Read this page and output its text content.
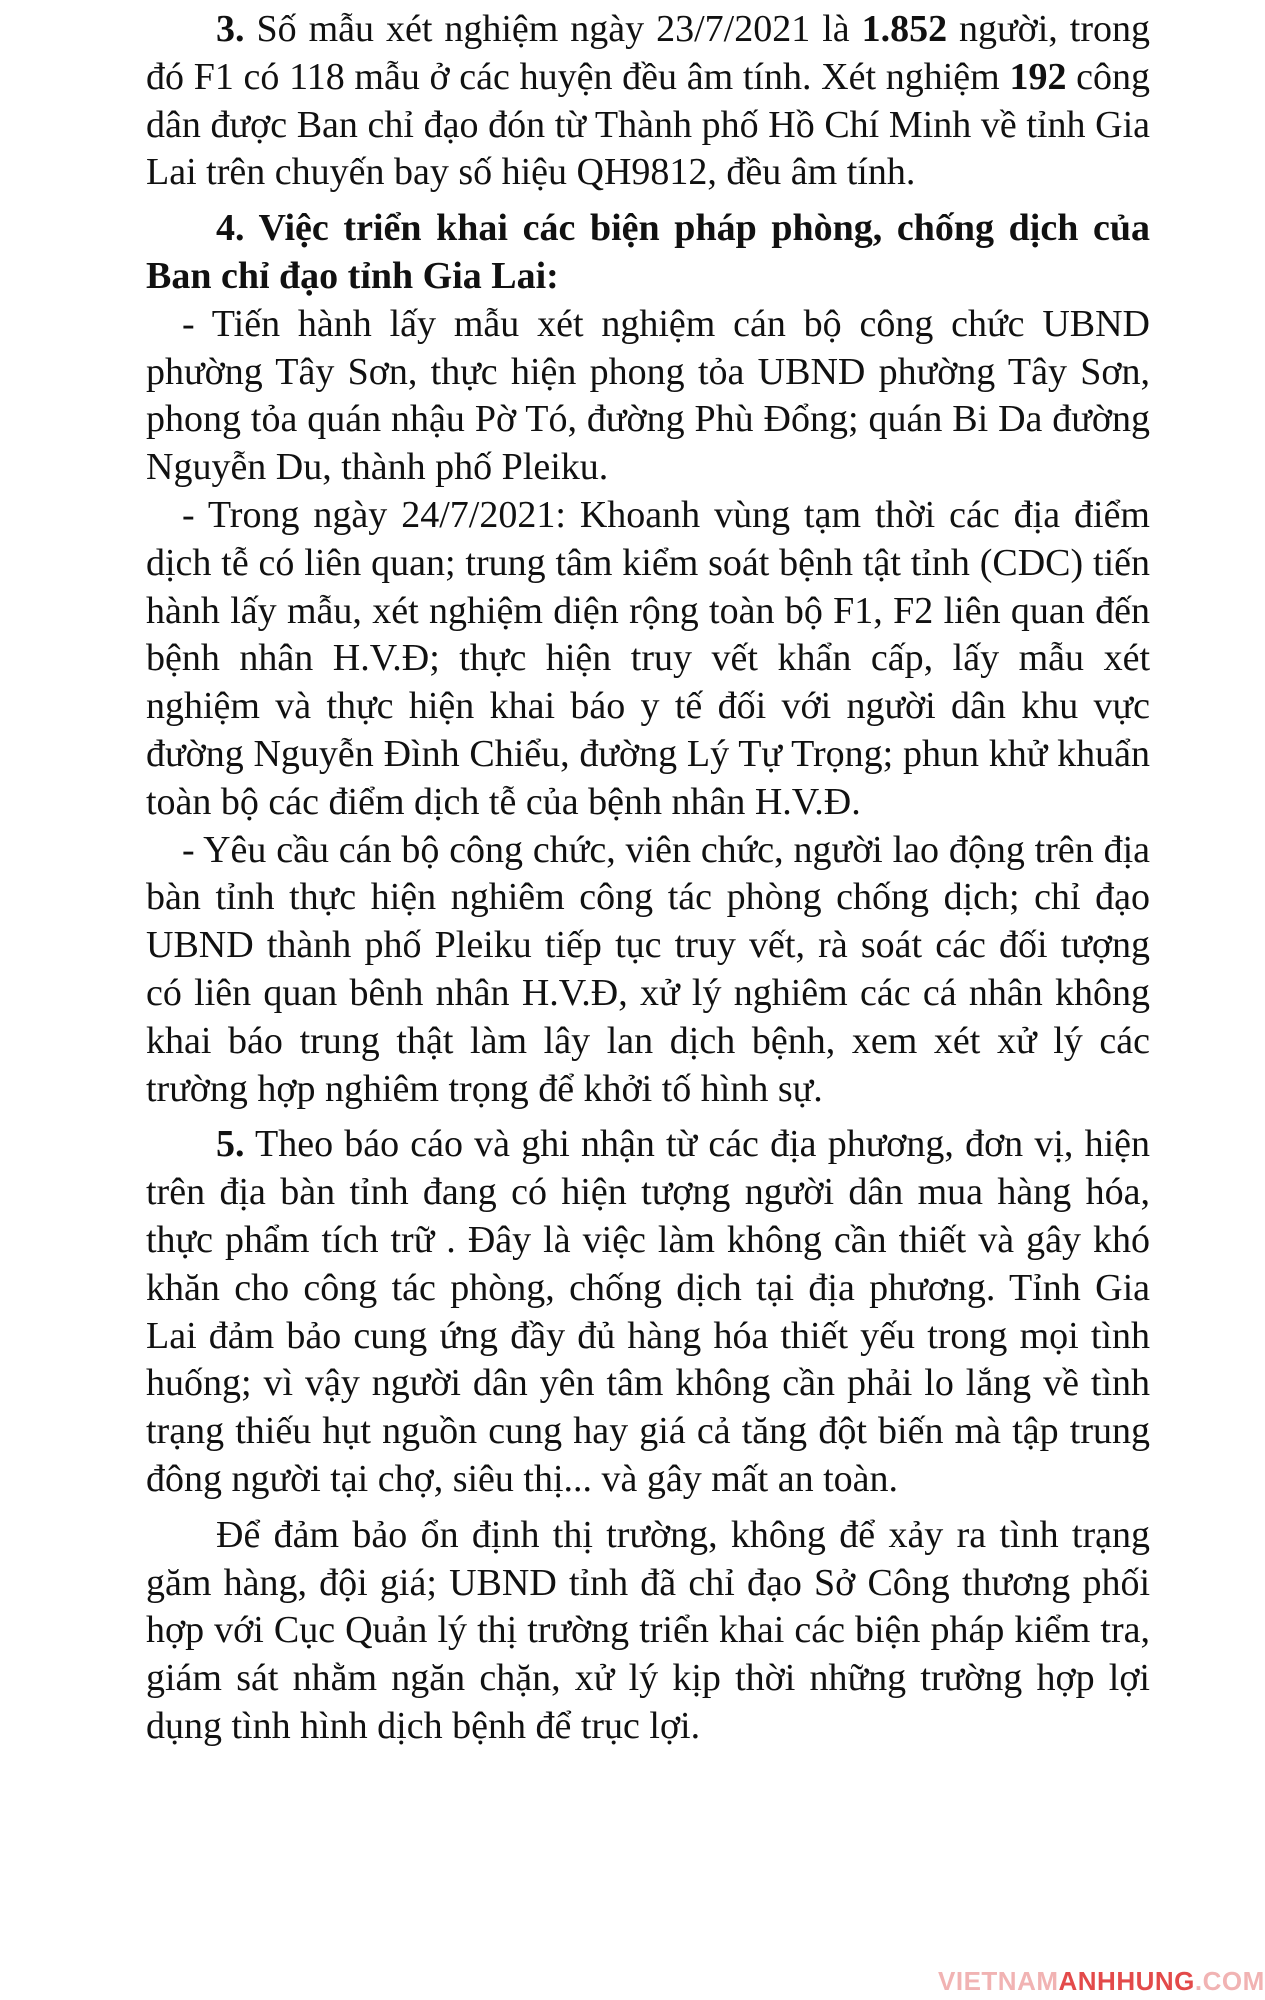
3. Số mẫu xét nghiệm ngày 23/7/2021 là 1.852 người, trong đó F1 có 118 mẫu ở các huyện đều âm tính. Xét nghiệm 192 công dân được Ban chỉ đạo đón từ Thành phố Hồ Chí Minh về tỉnh Gia Lai trên chuyến bay số hiệu QH9812, đều âm tính.

4. Việc triển khai các biện pháp phòng, chống dịch của Ban chỉ đạo tỉnh Gia Lai:

- Tiến hành lấy mẫu xét nghiệm cán bộ công chức UBND phường Tây Sơn, thực hiện phong tỏa UBND phường Tây Sơn, phong tỏa quán nhậu Pờ Tó, đường Phù Đổng; quán Bi Da đường Nguyễn Du, thành phố Pleiku.

- Trong ngày 24/7/2021: Khoanh vùng tạm thời các địa điểm dịch tễ có liên quan; trung tâm kiểm soát bệnh tật tỉnh (CDC) tiến hành lấy mẫu, xét nghiệm diện rộng toàn bộ F1, F2 liên quan đến bệnh nhân H.V.Đ; thực hiện truy vết khẩn cấp, lấy mẫu xét nghiệm và thực hiện khai báo y tế đối với người dân khu vực đường Nguyễn Đình Chiểu, đường Lý Tự Trọng; phun khử khuẩn toàn bộ các điểm dịch tễ của bệnh nhân H.V.Đ.

- Yêu cầu cán bộ công chức, viên chức, người lao động trên địa bàn tỉnh thực hiện nghiêm công tác phòng chống dịch; chỉ đạo UBND thành phố Pleiku tiếp tục truy vết, rà soát các đối tượng có liên quan bênh nhân H.V.Đ, xử lý nghiêm các cá nhân không khai báo trung thật làm lây lan dịch bệnh, xem xét xử lý các trường hợp nghiêm trọng để khởi tố hình sự.

5. Theo báo cáo và ghi nhận từ các địa phương, đơn vị, hiện trên địa bàn tỉnh đang có hiện tượng người dân mua hàng hóa, thực phẩm tích trữ . Đây là việc làm không cần thiết và gây khó khăn cho công tác phòng, chống dịch tại địa phương. Tỉnh Gia Lai đảm bảo cung ứng đầy đủ hàng hóa thiết yếu trong mọi tình huống; vì vậy người dân yên tâm không cần phải lo lắng về tình trạng thiếu hụt nguồn cung hay giá cả tăng đột biến mà tập trung đông người tại chợ, siêu thị... và gây mất an toàn.

Để đảm bảo ổn định thị trường, không để xảy ra tình trạng găm hàng, đội giá; UBND tỉnh đã chỉ đạo Sở Công thương phối hợp với Cục Quản lý thị trường triển khai các biện pháp kiểm tra, giám sát nhằm ngăn chặn, xử lý kịp thời những trường hợp lợi dụng tình hình dịch bệnh để trục lợi.

VIETNAMANHHUNG.COM
